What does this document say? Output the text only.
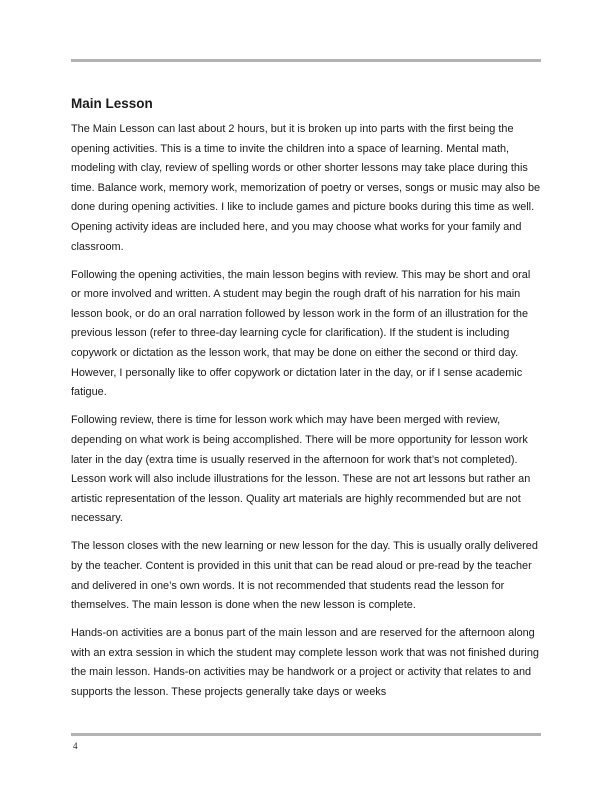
Main Lesson

The Main Lesson can last about 2 hours, but it is broken up into parts with the first being the opening activities. This is a time to invite the children into a space of learning. Mental math, modeling with clay, review of spelling words or other shorter lessons may take place during this time. Balance work, memory work, memorization of poetry or verses, songs or music may also be done during opening activities. I like to include games and picture books during this time as well. Opening activity ideas are included here, and you may choose what works for your family and classroom.

Following the opening activities, the main lesson begins with review. This may be short and oral or more involved and written. A student may begin the rough draft of his narration for his main lesson book, or do an oral narration followed by lesson work in the form of an illustration for the previous lesson (refer to three-day learning cycle for clarification). If the student is including copywork or dictation as the lesson work, that may be done on either the second or third day. However, I personally like to offer copywork or dictation later in the day, or if I sense academic fatigue.

Following review, there is time for lesson work which may have been merged with review, depending on what work is being accomplished. There will be more opportunity for lesson work later in the day (extra time is usually reserved in the afternoon for work that’s not completed). Lesson work will also include illustrations for the lesson. These are not art lessons but rather an artistic representation of the lesson. Quality art materials are highly recommended but are not necessary.

The lesson closes with the new learning or new lesson for the day. This is usually orally delivered by the teacher. Content is provided in this unit that can be read aloud or pre-read by the teacher and delivered in one’s own words. It is not recommended that students read the lesson for themselves. The main lesson is done when the new lesson is complete.

Hands-on activities are a bonus part of the main lesson and are reserved for the afternoon along with an extra session in which the student may complete lesson work that was not finished during the main lesson. Hands-on activities may be handwork or a project or activity that relates to and supports the lesson. These projects generally take days or weeks

4
